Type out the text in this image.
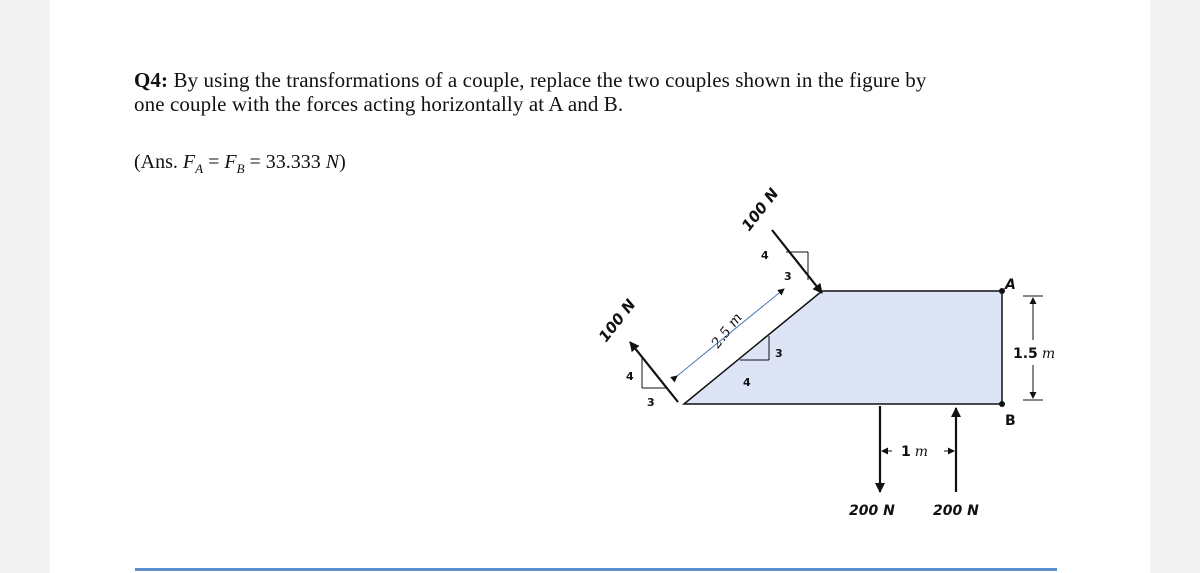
Q4: By using the transformations of a couple, replace the two couples shown in the figure by
one couple with the forces acting horizontally at A and B.
(Ans. $F_A = F_B = 33.333$ N)
100 N
100 N
4
3
4
3
3
4
2.5 m
A
B
1.5 m
1 m
200 N	200 N
